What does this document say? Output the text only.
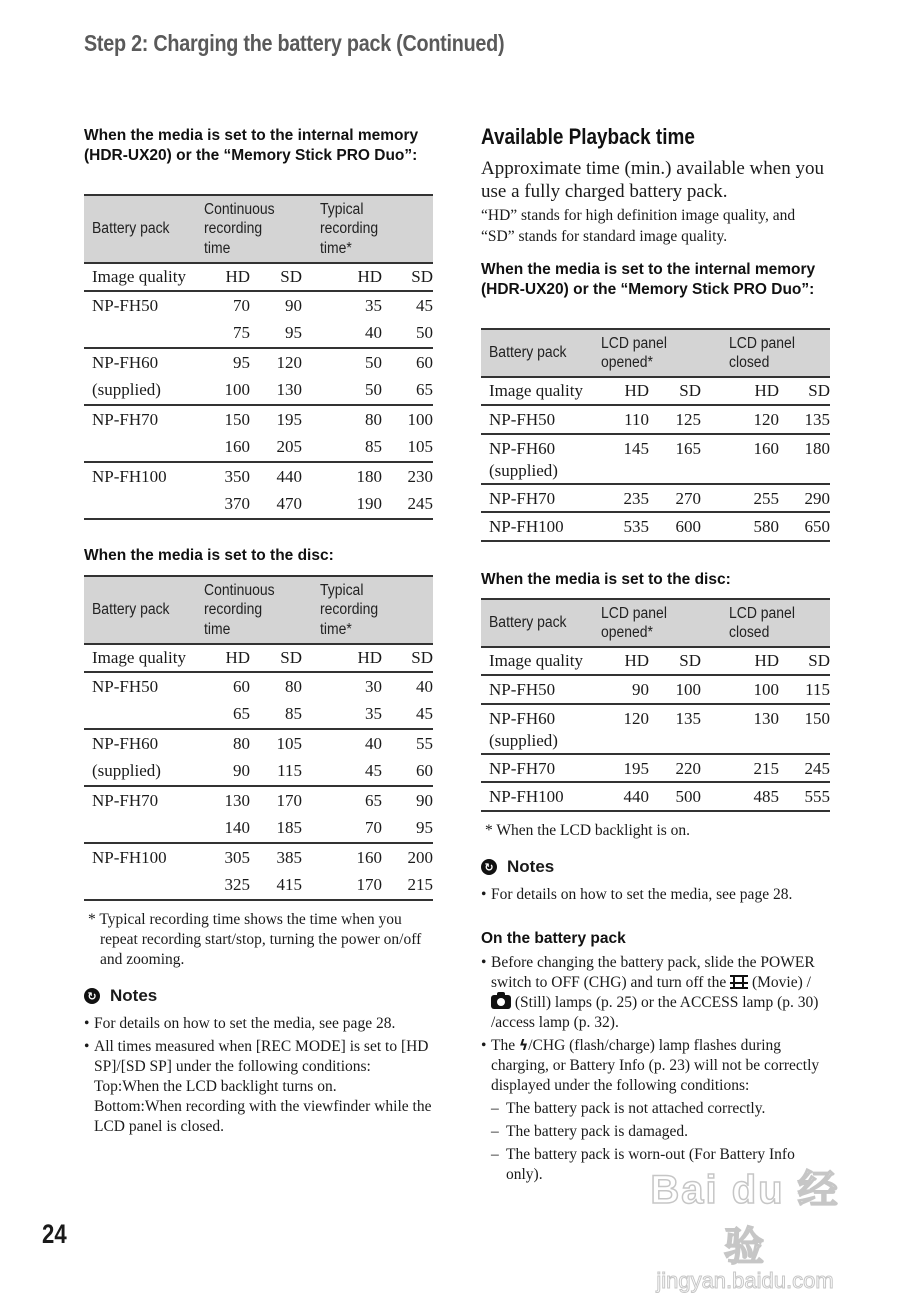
Step 2: Charging the battery pack (Continued)
When the media is set to the internal memory (HDR-UX20) or the “Memory Stick PRO Duo”:
Battery pack	Continuous recording time		Typical recording time*	
Image quality	HD	SD	HD	SD
NP-FH50	70	90	35	45
	75	95	40	50
NP-FH60	95	120	50	60
(supplied)	100	130	50	65
NP-FH70	150	195	80	100
	160	205	85	105
NP-FH100	350	440	180	230
	370	470	190	245
When the media is set to the disc:
Battery pack	Continuous recording time		Typical recording time*	
Image quality	HD	SD	HD	SD
NP-FH50	60	80	30	40
	65	85	35	45
NP-FH60	80	105	40	55
(supplied)	90	115	45	60
NP-FH70	130	170	65	90
	140	185	70	95
NP-FH100	305	385	160	200
	325	415	170	215
* Typical recording time shows the time when you repeat recording start/stop, turning the power on/off and zooming.
↻ Notes
• For details on how to set the media, see page 28.
• All times measured when [REC MODE] is set to [HD SP]/[SD SP] under the following conditions:
Top:When the LCD backlight turns on.
Bottom:When recording with the viewfinder while the LCD panel is closed.
Available Playback time
Approximate time (min.) available when you use a fully charged battery pack.
“HD” stands for high definition image quality, and “SD” stands for standard image quality.
When the media is set to the internal memory (HDR-UX20) or the “Memory Stick PRO Duo”:
Battery pack	LCD panel opened*		LCD panel closed	
Image quality	HD	SD	HD	SD
NP-FH50	110	125	120	135
NP-FH60 (supplied)	145	165	160	180
NP-FH70	235	270	255	290
NP-FH100	535	600	580	650
When the media is set to the disc:
Battery pack	LCD panel opened*		LCD panel closed	
Image quality	HD	SD	HD	SD
NP-FH50	90	100	100	115
NP-FH60 (supplied)	120	135	130	150
NP-FH70	195	220	215	245
NP-FH100	440	500	485	555
* When the LCD backlight is on.
↻ Notes
• For details on how to set the media, see page 28.
On the battery pack
• Before changing the battery pack, slide the POWER switch to OFF (CHG) and turn off the (Movie) /  (Still) lamps (p. 25) or the ACCESS lamp (p. 30) /access lamp (p. 32).
• The ϟ/CHG (flash/charge) lamp flashes during charging, or Battery Info (p. 23) will not be correctly displayed under the following conditions:
– The battery pack is not attached correctly.
– The battery pack is damaged.
– The battery pack is worn-out (For Battery Info only).
24
Bai du 经验
jingyan.baidu.com
